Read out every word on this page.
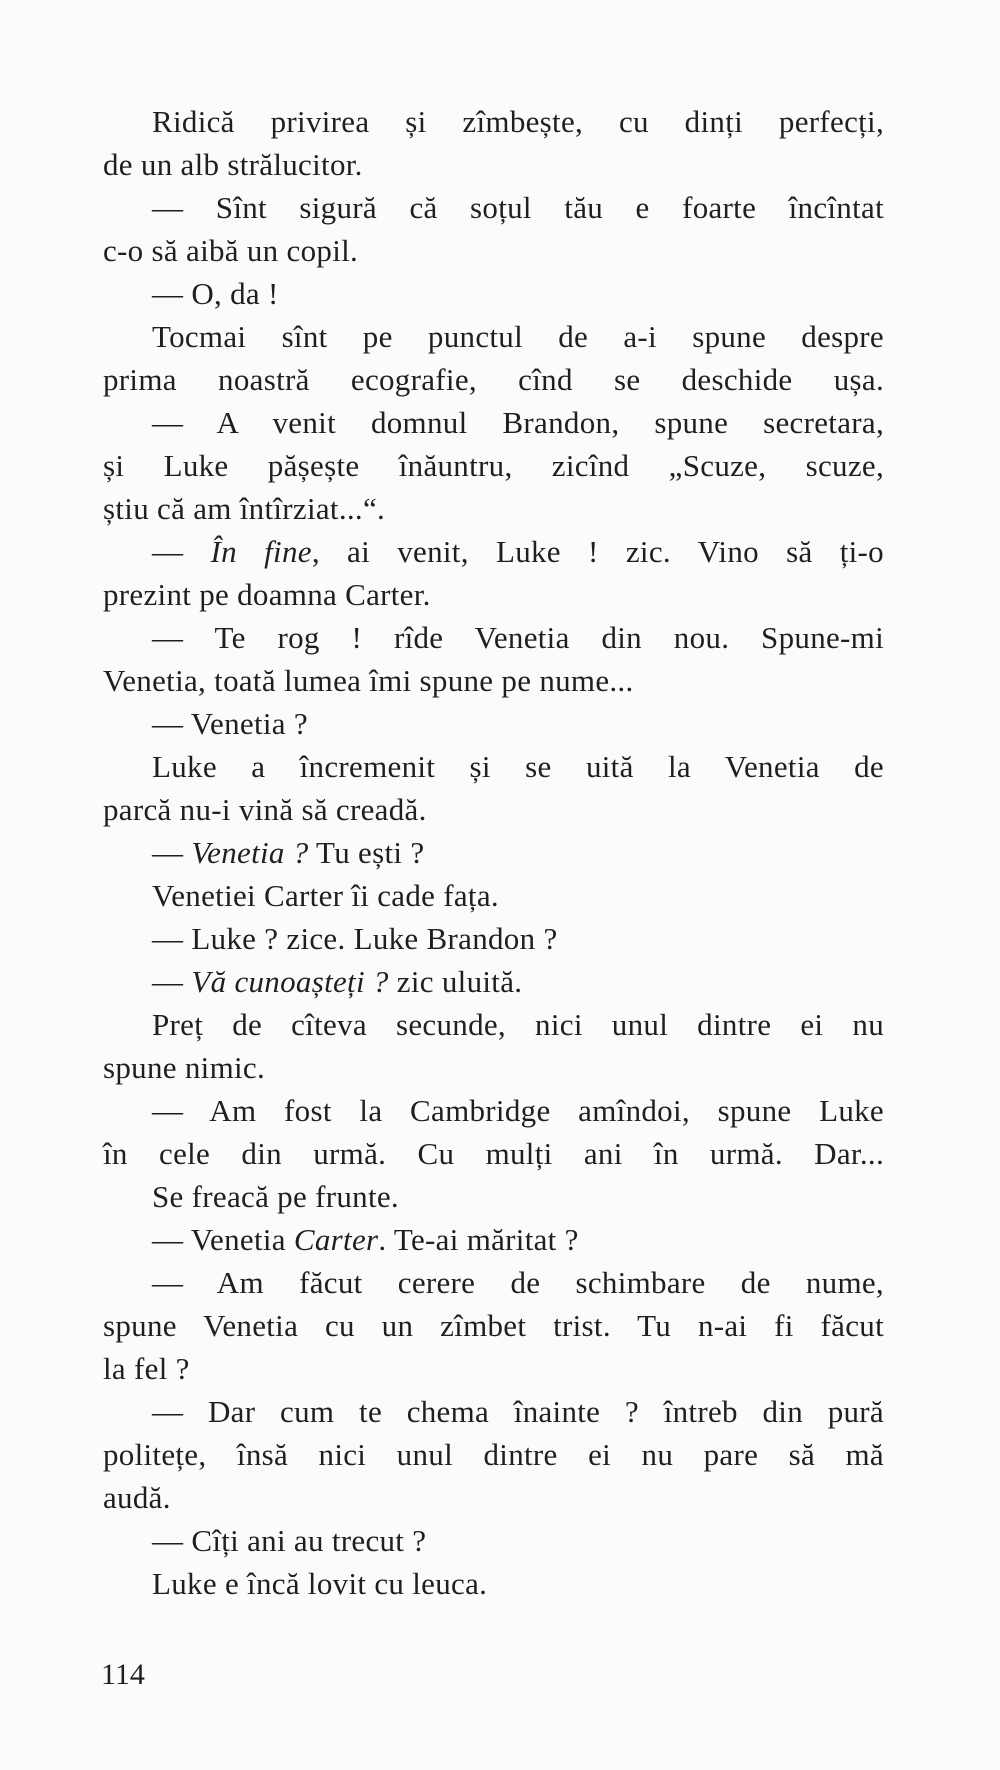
Ridică privirea și zîmbește, cu dinți perfecți,
de un alb strălucitor.
— Sînt sigură că soțul tău e foarte încîntat
c-o să aibă un copil.
— O, da !
Tocmai sînt pe punctul de a-i spune despre
prima noastră ecografie, cînd se deschide ușa.
— A venit domnul Brandon, spune secretara,
și Luke pășește înăuntru, zicînd „Scuze, scuze,
știu că am întîrziat...“.
— În fine, ai venit, Luke ! zic. Vino să ți-o
prezint pe doamna Carter.
— Te rog ! rîde Venetia din nou. Spune-mi
Venetia, toată lumea îmi spune pe nume...
— Venetia ?
Luke a încremenit și se uită la Venetia de
parcă nu-i vină să creadă.
— Venetia ? Tu ești ?
Venetiei Carter îi cade fața.
— Luke ? zice. Luke Brandon ?
— Vă cunoașteți ? zic uluită.
Preț de cîteva secunde, nici unul dintre ei nu
spune nimic.
— Am fost la Cambridge amîndoi, spune Luke
în cele din urmă. Cu mulți ani în urmă. Dar...
Se freacă pe frunte.
— Venetia Carter. Te-ai măritat ?
— Am făcut cerere de schimbare de nume,
spune Venetia cu un zîmbet trist. Tu n-ai fi făcut
la fel ?
— Dar cum te chema înainte ? întreb din pură
politețe, însă nici unul dintre ei nu pare să mă
audă.
— Cîți ani au trecut ?
Luke e încă lovit cu leuca.
114
